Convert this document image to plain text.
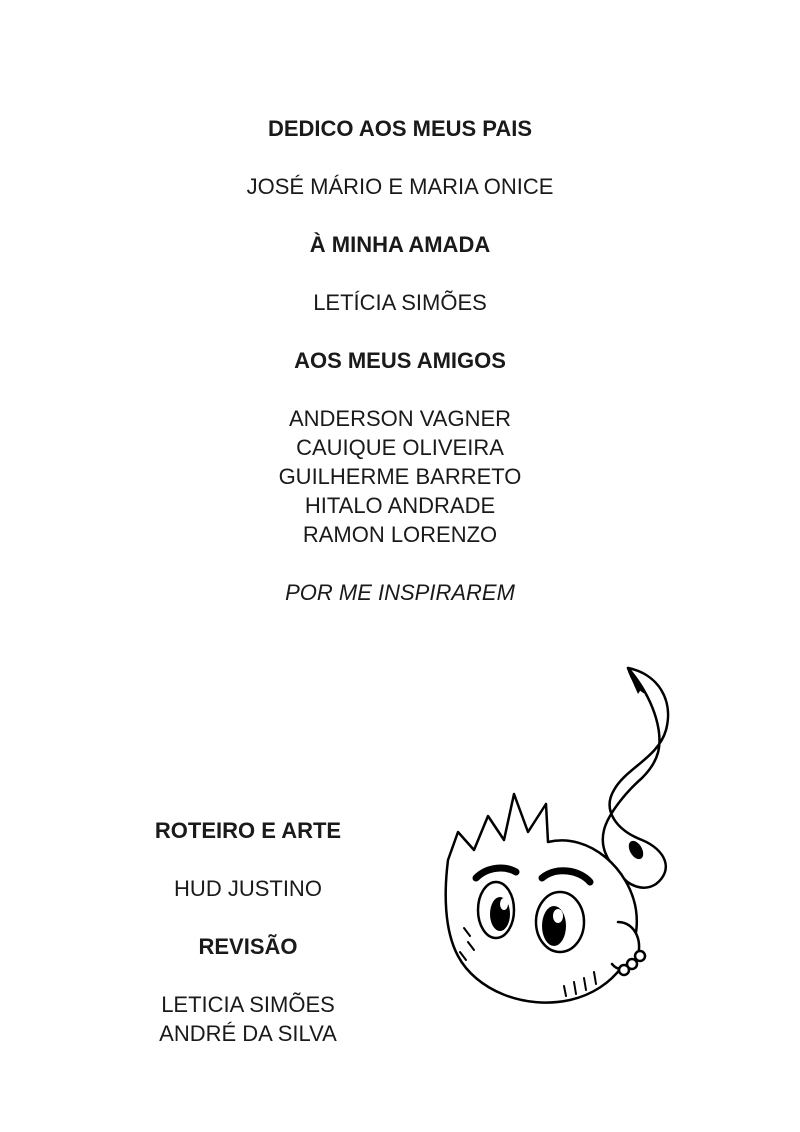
DEDICO AOS MEUS PAIS

JOSÉ MÁRIO E MARIA ONICE

À MINHA AMADA

LETÍCIA SIMÕES

AOS MEUS AMIGOS

ANDERSON VAGNER

CAUIQUE OLIVEIRA

GUILHERME BARRETO

HITALO ANDRADE

RAMON LORENZO

POR ME INSPIRAREM

ROTEIRO E ARTE

HUD JUSTINO

REVISÃO

LETICIA SIMÕES

ANDRÉ DA SILVA
